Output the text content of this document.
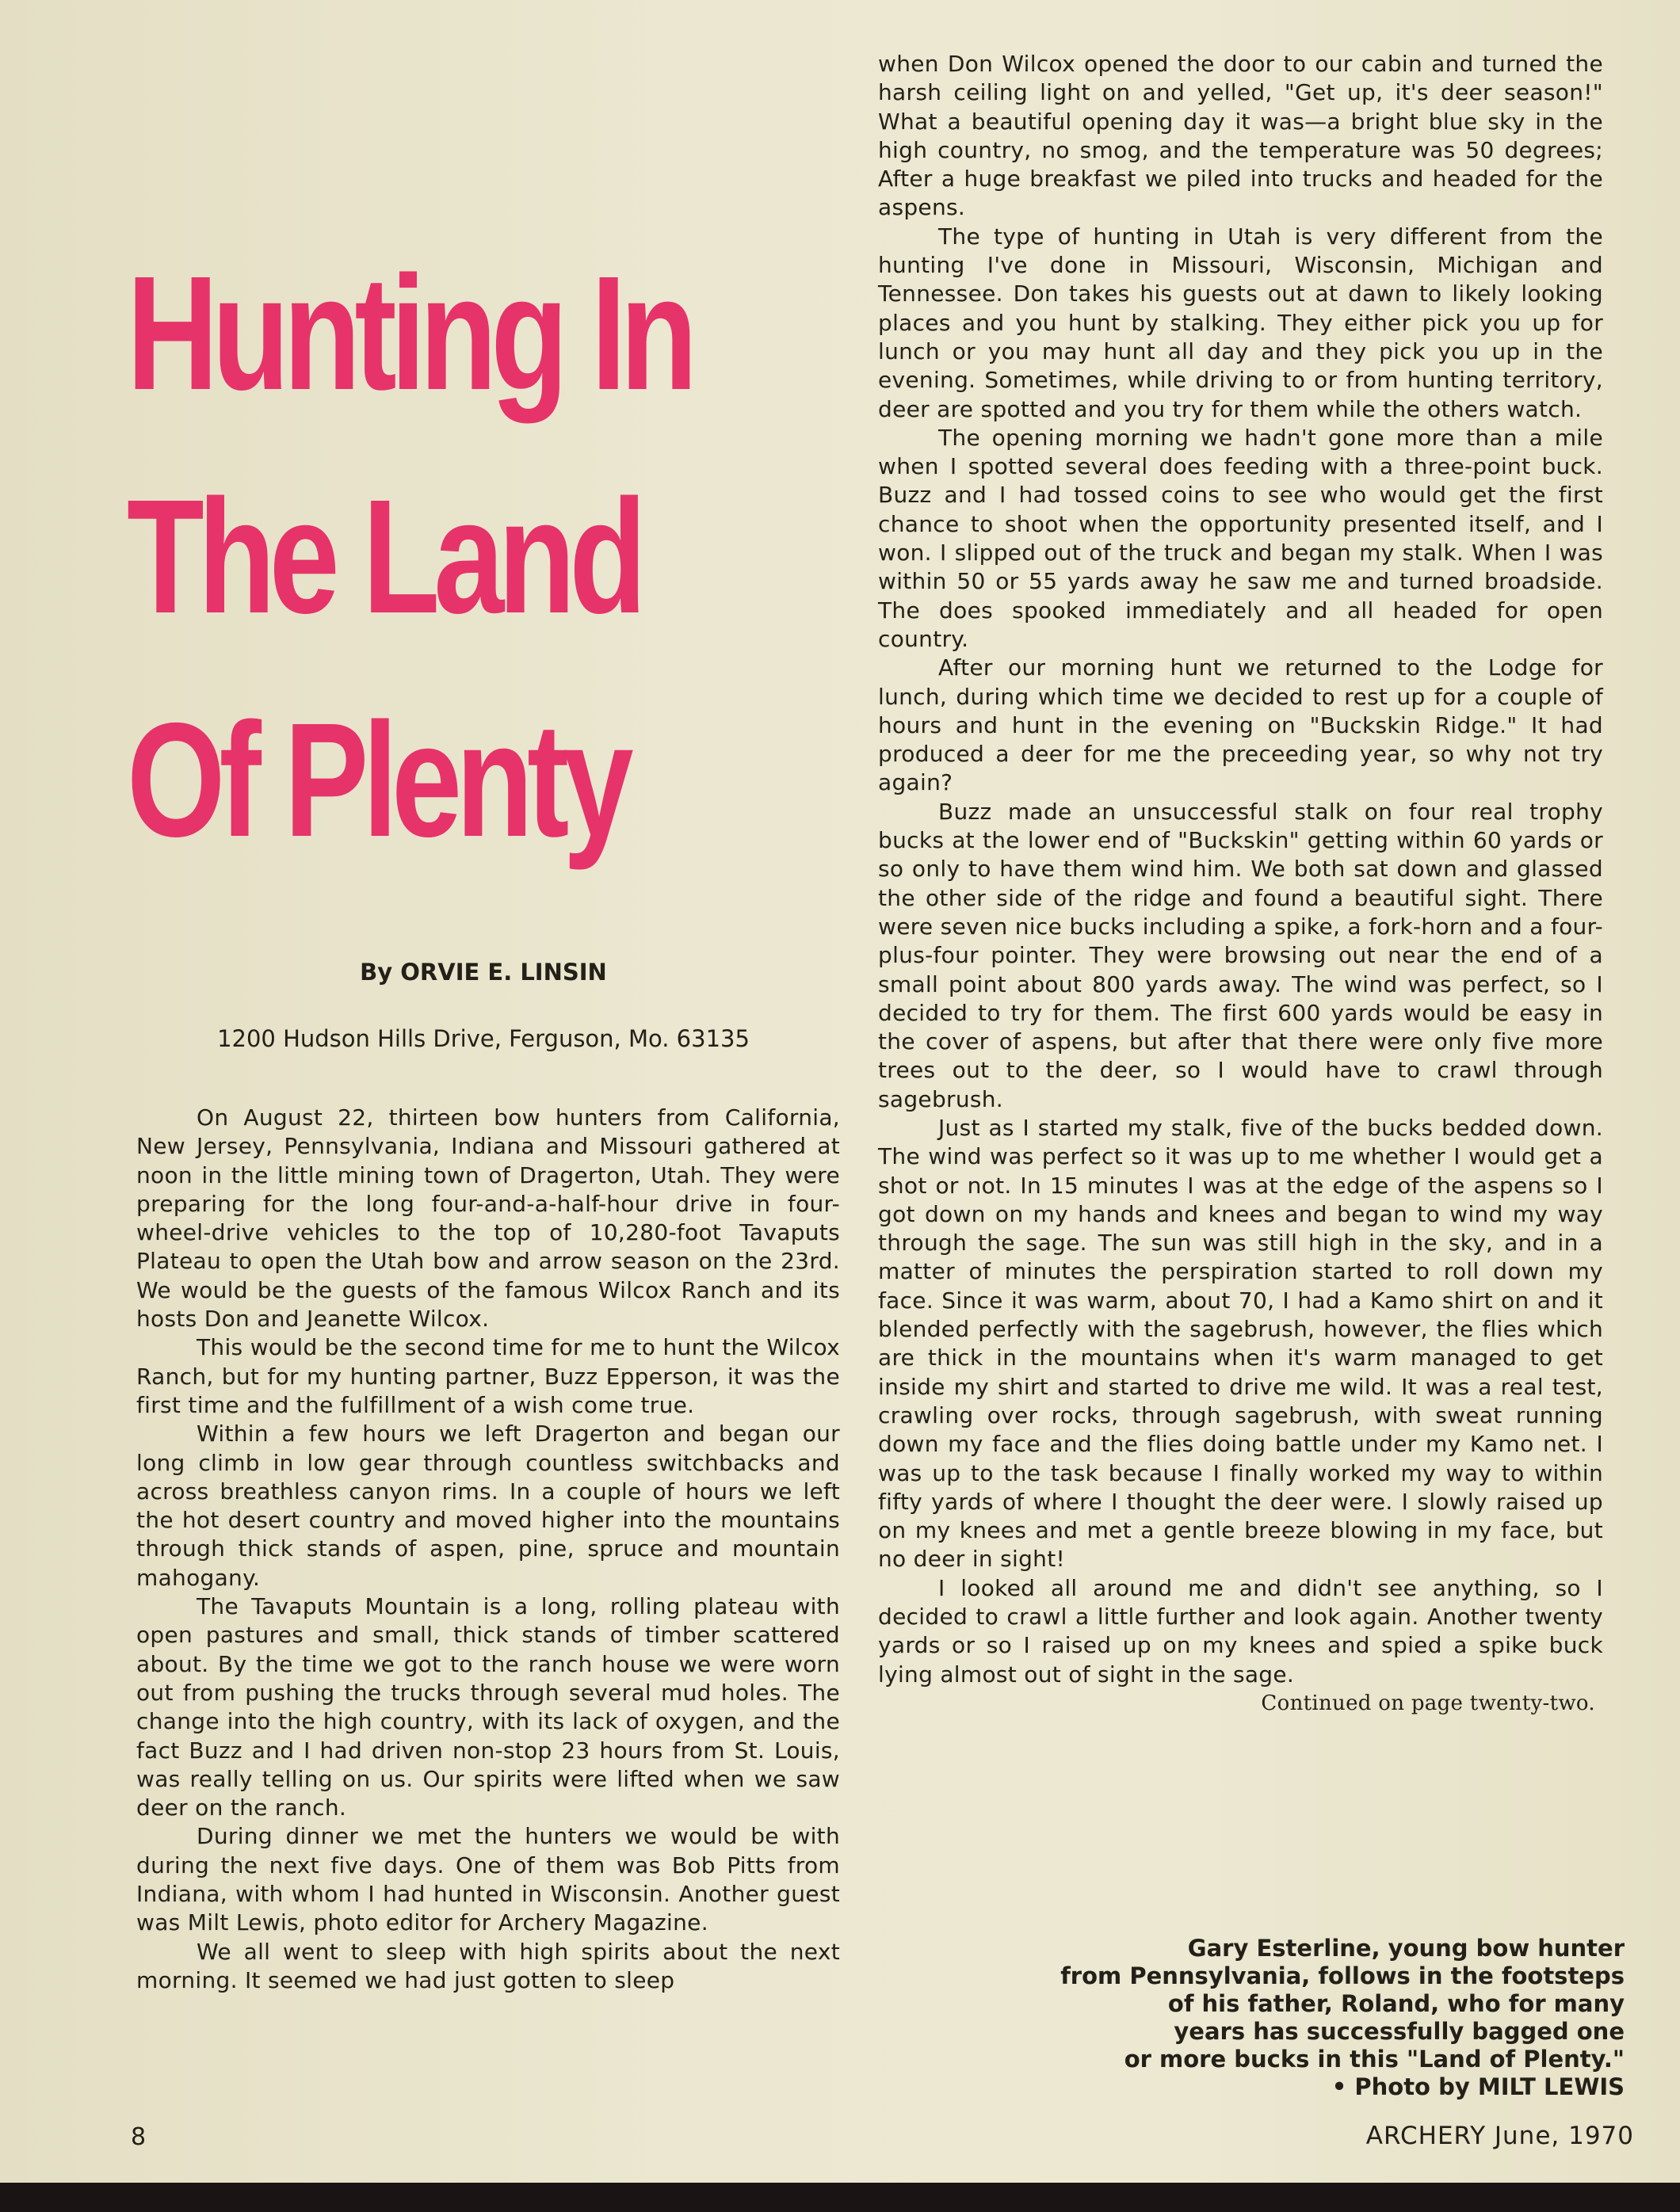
Hunting In
The Land
Of Plenty

By ORVIE E. LINSIN

1200 Hudson Hills Drive, Ferguson, Mo. 63135

On August 22, thirteen bow hunters from California, New Jersey, Pennsylvania, Indiana and Missouri gathered at noon in the little mining town of Dragerton, Utah. They were preparing for the long four-and-a-half-hour drive in four-wheel-drive vehicles to the top of 10,280-foot Tavaputs Plateau to open the Utah bow and arrow season on the 23rd. We would be the guests of the famous Wilcox Ranch and its hosts Don and Jeanette Wilcox.

This would be the second time for me to hunt the Wilcox Ranch, but for my hunting partner, Buzz Epperson, it was the first time and the fulfillment of a wish come true.

Within a few hours we left Dragerton and began our long climb in low gear through countless switchbacks and across breathless canyon rims. In a couple of hours we left the hot desert country and moved higher into the mountains through thick stands of aspen, pine, spruce and mountain mahogany.

The Tavaputs Mountain is a long, rolling plateau with open pastures and small, thick stands of timber scattered about. By the time we got to the ranch house we were worn out from pushing the trucks through several mud holes. The change into the high country, with its lack of oxygen, and the fact Buzz and I had driven non-stop 23 hours from St. Louis, was really telling on us. Our spirits were lifted when we saw deer on the ranch.

During dinner we met the hunters we would be with during the next five days. One of them was Bob Pitts from Indiana, with whom I had hunted in Wisconsin. Another guest was Milt Lewis, photo editor for Archery Magazine.

We all went to sleep with high spirits about the next morning. It seemed we had just gotten to sleep

when Don Wilcox opened the door to our cabin and turned the harsh ceiling light on and yelled, "Get up, it's deer season!" What a beautiful opening day it was—a bright blue sky in the high country, no smog, and the temperature was 50 degrees; After a huge breakfast we piled into trucks and headed for the aspens.

The type of hunting in Utah is very different from the hunting I've done in Missouri, Wisconsin, Michigan and Tennessee. Don takes his guests out at dawn to likely looking places and you hunt by stalking. They either pick you up for lunch or you may hunt all day and they pick you up in the evening. Sometimes, while driving to or from hunting territory, deer are spotted and you try for them while the others watch.

The opening morning we hadn't gone more than a mile when I spotted several does feeding with a three-point buck. Buzz and I had tossed coins to see who would get the first chance to shoot when the opportunity presented itself, and I won. I slipped out of the truck and began my stalk. When I was within 50 or 55 yards away he saw me and turned broadside. The does spooked immediately and all headed for open country.

After our morning hunt we returned to the Lodge for lunch, during which time we decided to rest up for a couple of hours and hunt in the evening on "Buckskin Ridge." It had produced a deer for me the preceeding year, so why not try again?

Buzz made an unsuccessful stalk on four real trophy bucks at the lower end of "Buckskin" getting within 60 yards or so only to have them wind him. We both sat down and glassed the other side of the ridge and found a beautiful sight. There were seven nice bucks including a spike, a fork-horn and a four-plus-four pointer. They were browsing out near the end of a small point about 800 yards away. The wind was perfect, so I decided to try for them. The first 600 yards would be easy in the cover of aspens, but after that there were only five more trees out to the deer, so I would have to crawl through sagebrush.

Just as I started my stalk, five of the bucks bedded down. The wind was perfect so it was up to me whether I would get a shot or not. In 15 minutes I was at the edge of the aspens so I got down on my hands and knees and began to wind my way through the sage. The sun was still high in the sky, and in a matter of minutes the perspiration started to roll down my face. Since it was warm, about 70, I had a Kamo shirt on and it blended perfectly with the sagebrush, however, the flies which are thick in the mountains when it's warm managed to get inside my shirt and started to drive me wild. It was a real test, crawling over rocks, through sagebrush, with sweat running down my face and the flies doing battle under my Kamo net. I was up to the task because I finally worked my way to within fifty yards of where I thought the deer were. I slowly raised up on my knees and met a gentle breeze blowing in my face, but no deer in sight!

I looked all around me and didn't see anything, so I decided to crawl a little further and look again. Another twenty yards or so I raised up on my knees and spied a spike buck lying almost out of sight in the sage.

Continued on page twenty-two.

Gary Esterline, young bow hunter
from Pennsylvania, follows in the footsteps
of his father, Roland, who for many
years has successfully bagged one
or more bucks in this "Land of Plenty."
• Photo by MILT LEWIS

8	ARCHERY June, 1970
